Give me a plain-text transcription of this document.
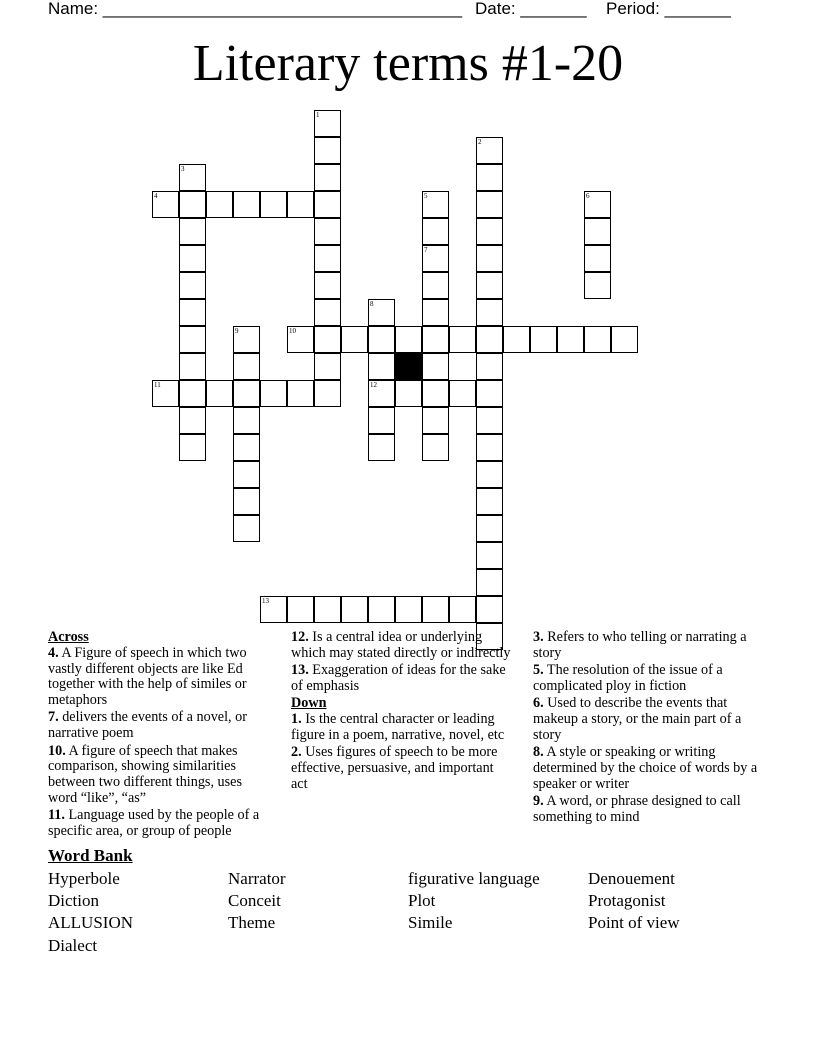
Name: ______________________________________ Date: _______ Period: _______
Literary terms #1-20
4
10
11	12
13
1
2
3
5
7
6
8
9
Across
4. A Figure of speech in which two vastly different objects are like Ed together with the help of similes or metaphors
7. delivers the events of a novel, or narrative poem
10. A figure of speech that makes comparison, showing similarities between two different things, uses word “like”, “as”
11. Language used by the people of a specific area, or group of people
12. Is a central idea or underlying which may stated directly or indirectly
13. Exaggeration of ideas for the sake of emphasis
Down
1. Is the central character or leading figure in a poem, narrative, novel, etc
2. Uses figures of speech to be more effective, persuasive, and important act
3. Refers to who telling or narrating a story
5. The resolution of the issue of a complicated ploy in fiction
6. Used to describe the events that makeup a story, or the main part of a story
8. A style or speaking or writing determined by the choice of words by a speaker or writer
9. A word, or phrase designed to call something to mind
Word Bank
Hyperbole	Narrator	figurative language	Denouement
Diction	Conceit	Plot	Protagonist
ALLUSION	Theme	Simile	Point of view
Dialect
